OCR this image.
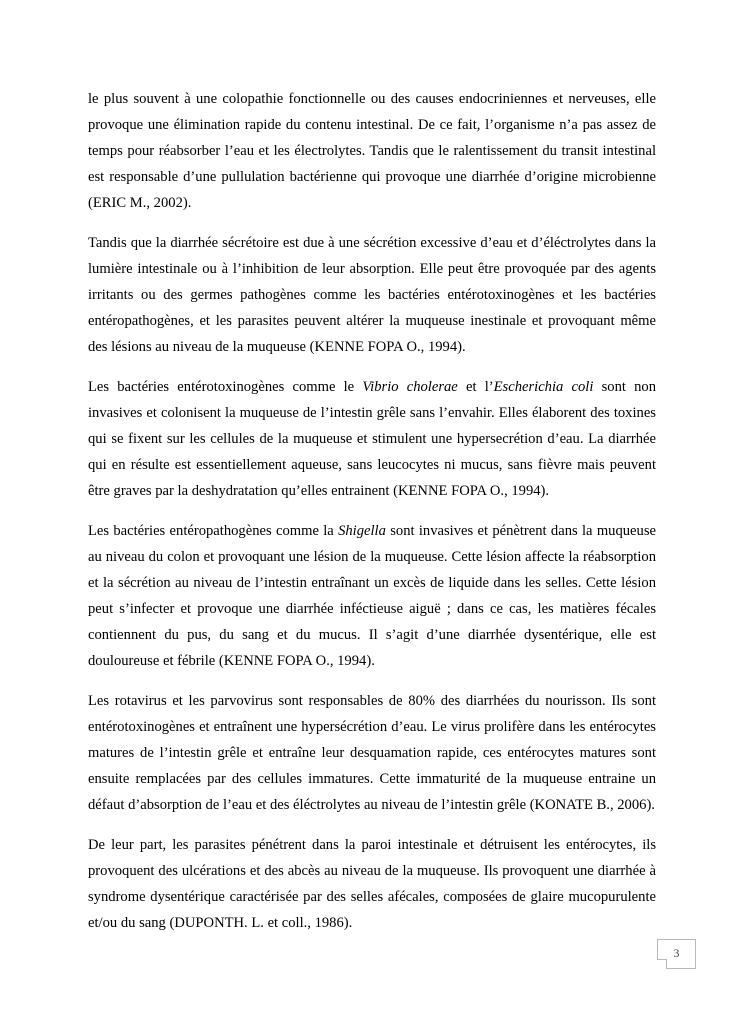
le plus souvent à une colopathie fonctionnelle ou des causes endocriniennes et nerveuses, elle provoque une élimination rapide du contenu intestinal. De ce fait, l’organisme n’a pas assez de temps pour réabsorber l’eau et les électrolytes. Tandis que le ralentissement du transit intestinal est responsable d’une pullulation bactérienne qui provoque une diarrhée d’origine microbienne (ERIC M., 2002).

Tandis que la diarrhée sécrétoire est due à une sécrétion excessive d’eau et d’éléctrolytes dans la lumière intestinale ou à l’inhibition de leur absorption. Elle peut être provoquée par des agents irritants ou des germes pathogènes comme les bactéries entérotoxinogènes et les bactéries entéropathogènes, et les parasites peuvent altérer la muqueuse inestinale et provoquant même des lésions au niveau de la muqueuse (KENNE FOPA O., 1994).

Les bactéries entérotoxinogènes comme le Vibrio cholerae et l’Escherichia coli sont non invasives et colonisent la muqueuse de l’intestin grêle sans l’envahir. Elles élaborent des toxines qui se fixent sur les cellules de la muqueuse et stimulent une hypersecrétion d’eau. La diarrhée qui en résulte est essentiellement aqueuse, sans leucocytes ni mucus, sans fièvre mais peuvent être graves par la deshydratation qu’elles entrainent (KENNE FOPA O., 1994).

Les bactéries entéropathogènes comme la Shigella sont invasives et pénètrent dans la muqueuse au niveau du colon et provoquant une lésion de la muqueuse. Cette lésion affecte la réabsorption et la sécrétion au niveau de l’intestin entraînant un excès de liquide dans les selles. Cette lésion peut s’infecter et provoque une diarrhée inféctieuse aiguë ; dans ce cas, les matières fécales contiennent du pus, du sang et du mucus. Il s’agit d’une diarrhée dysentérique, elle est douloureuse et fébrile (KENNE FOPA O., 1994).

Les rotavirus et les parvovirus sont responsables de 80% des diarrhées du nourisson. Ils sont entérotoxinogènes et entraînent une hypersécrétion d’eau. Le virus prolifère dans les entérocytes matures de l’intestin grêle et entraîne leur desquamation rapide, ces entérocytes matures sont ensuite remplacées par des cellules immatures. Cette immaturité de la muqueuse entraine un défaut d’absorption de l’eau et des éléctrolytes au niveau de l’intestin grêle (KONATE B., 2006).

De leur part, les parasites pénétrent dans la paroi intestinale et détruisent les entérocytes, ils provoquent des ulcérations et des abcès au niveau de la muqueuse. Ils provoquent une diarrhée à syndrome dysentérique caractérisée par des selles afécales, composées de glaire mucopurulente et/ou du sang (DUPONTH. L. et coll., 1986).

3
